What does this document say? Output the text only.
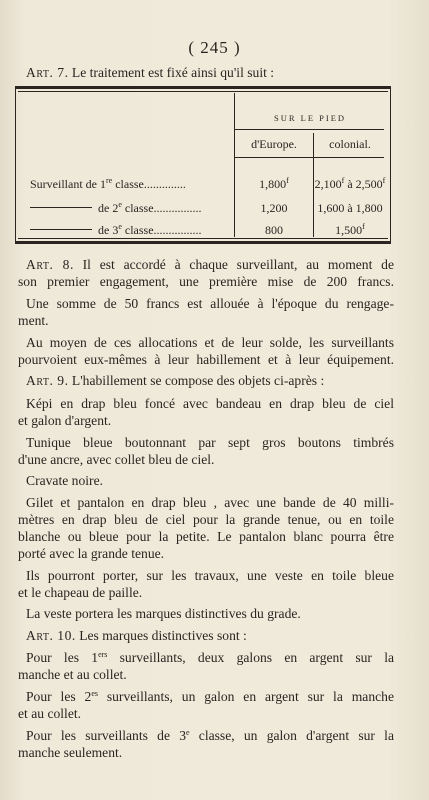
( 245 )
Art. 7. Le traitement est fixé ainsi qu'il suit :
SUR LE PIED
d'Europe.	colonial.
Surveillant de 1re classe..............	1,800$^f$	2,100$^f$ à 2,500$^f$
de 2e classe................	1,200	1,600 à 1,800
de 3e classe................	800	1,500$^f$
Art. 8. Il est accordé à chaque surveillant, au moment de
son premier engagement, une première mise de 200 francs.
Une somme de 50 francs est allouée à l'époque du rengage-
ment.
Au moyen de ces allocations et de leur solde, les surveillants
pourvoient eux-mêmes à leur habillement et à leur équipement.
Art. 9. L'habillement se compose des objets ci-après :
Képi en drap bleu foncé avec bandeau en drap bleu de ciel
et galon d'argent.
Tunique bleue boutonnant par sept gros boutons timbrés
d'une ancre, avec collet bleu de ciel.
Cravate noire.
Gilet et pantalon en drap bleu , avec une bande de 40 milli-
mètres en drap bleu de ciel pour la grande tenue, ou en toile
blanche ou bleue pour la petite. Le pantalon blanc pourra être
porté avec la grande tenue.
Ils pourront porter, sur les travaux, une veste en toile bleue
et le chapeau de paille.
La veste portera les marques distinctives du grade.
Art. 10. Les marques distinctives sont :
Pour les 1ers surveillants, deux galons en argent sur la
manche et au collet.
Pour les $2^{es}$ surveillants, un galon en argent sur la manche
et au collet.
Pour les surveillants de 3e classe, un galon d'argent sur la
manche seulement.
